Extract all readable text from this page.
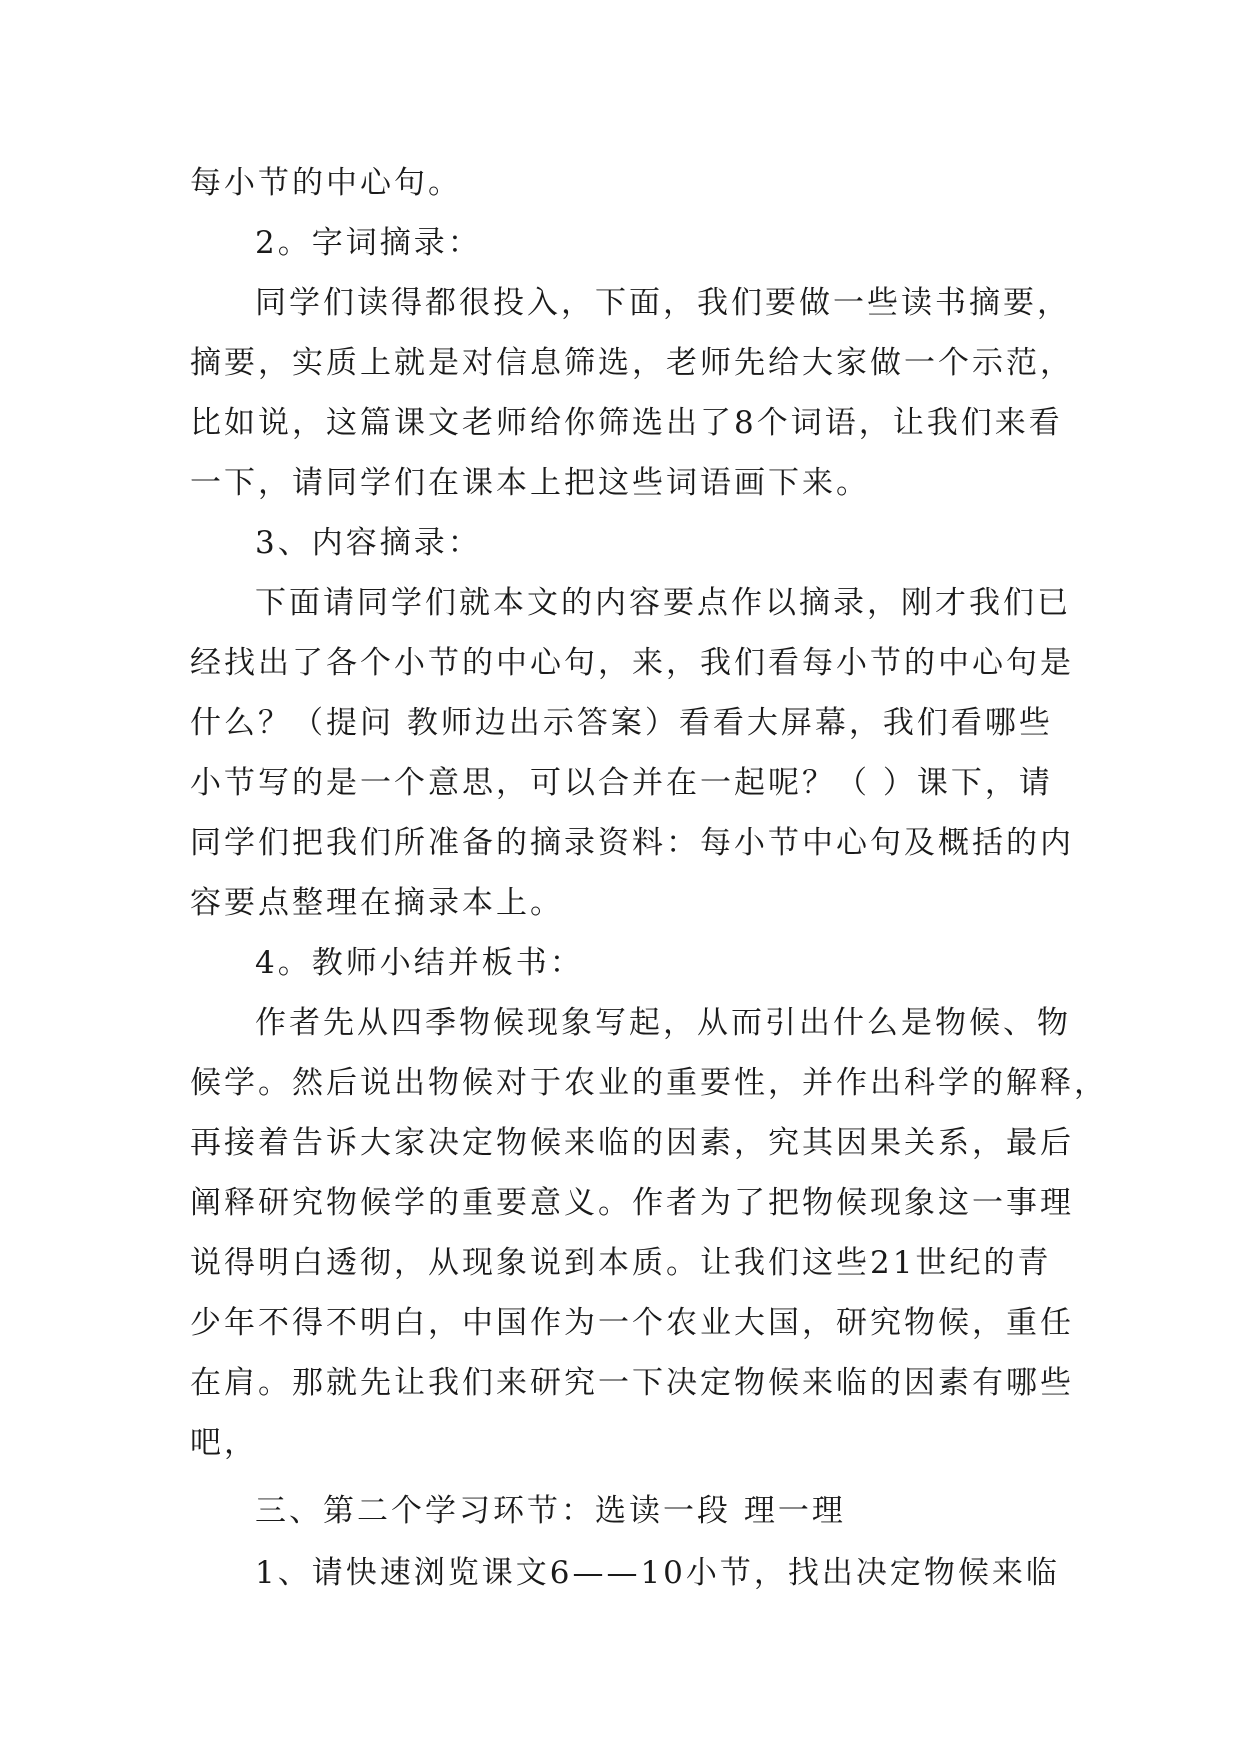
每小节的中心句。
2。字词摘录：
同学们读得都很投入，下面，我们要做一些读书摘要，
摘要，实质上就是对信息筛选，老师先给大家做一个示范，
比如说，这篇课文老师给你筛选出了8个词语，让我们来看
一下，请同学们在课本上把这些词语画下来。
3、内容摘录：
下面请同学们就本文的内容要点作以摘录，刚才我们已
经找出了各个小节的中心句，来，我们看每小节的中心句是
什么？（提问 教师边出示答案）看看大屏幕，我们看哪些
小节写的是一个意思，可以合并在一起呢？（ ）课下，请
同学们把我们所准备的摘录资料：每小节中心句及概括的内
容要点整理在摘录本上。
4。教师小结并板书：
作者先从四季物候现象写起，从而引出什么是物候、物
候学。然后说出物候对于农业的重要性，并作出科学的解释，
再接着告诉大家决定物候来临的因素，究其因果关系，最后
阐释研究物候学的重要意义。作者为了把物候现象这一事理
说得明白透彻，从现象说到本质。让我们这些21世纪的青
少年不得不明白，中国作为一个农业大国，研究物候，重任
在肩。那就先让我们来研究一下决定物候来临的因素有哪些
吧，
三、第二个学习环节：选读一段 理一理
1、请快速浏览课文6——10小节，找出决定物候来临
